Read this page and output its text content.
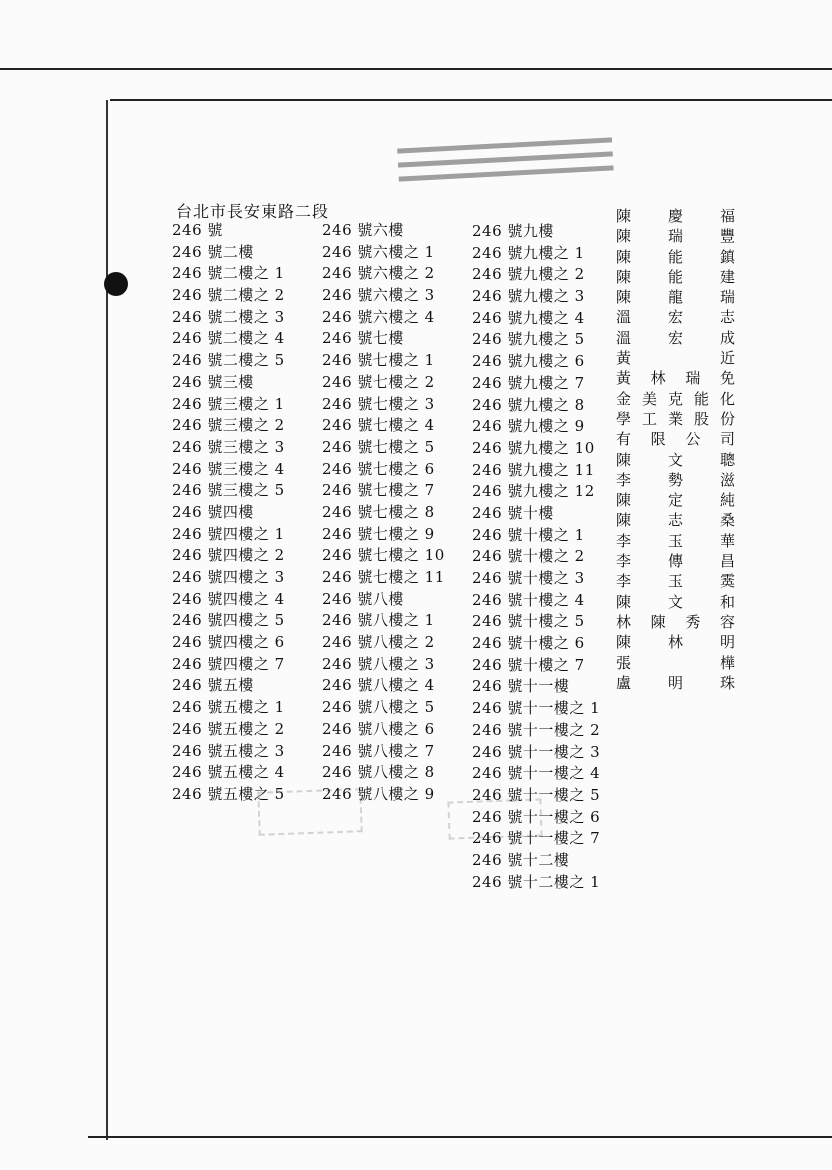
台北市長安東路二段
246 號
246 號二樓
246 號二樓之 1
246 號二樓之 2
246 號二樓之 3
246 號二樓之 4
246 號二樓之 5
246 號三樓
246 號三樓之 1
246 號三樓之 2
246 號三樓之 3
246 號三樓之 4
246 號三樓之 5
246 號四樓
246 號四樓之 1
246 號四樓之 2
246 號四樓之 3
246 號四樓之 4
246 號四樓之 5
246 號四樓之 6
246 號四樓之 7
246 號五樓
246 號五樓之 1
246 號五樓之 2
246 號五樓之 3
246 號五樓之 4
246 號五樓之 5
246 號六樓
246 號六樓之 1
246 號六樓之 2
246 號六樓之 3
246 號六樓之 4
246 號七樓
246 號七樓之 1
246 號七樓之 2
246 號七樓之 3
246 號七樓之 4
246 號七樓之 5
246 號七樓之 6
246 號七樓之 7
246 號七樓之 8
246 號七樓之 9
246 號七樓之 10
246 號七樓之 11
246 號八樓
246 號八樓之 1
246 號八樓之 2
246 號八樓之 3
246 號八樓之 4
246 號八樓之 5
246 號八樓之 6
246 號八樓之 7
246 號八樓之 8
246 號八樓之 9
246 號九樓
246 號九樓之 1
246 號九樓之 2
246 號九樓之 3
246 號九樓之 4
246 號九樓之 5
246 號九樓之 6
246 號九樓之 7
246 號九樓之 8
246 號九樓之 9
246 號九樓之 10
246 號九樓之 11
246 號九樓之 12
246 號十樓
246 號十樓之 1
246 號十樓之 2
246 號十樓之 3
246 號十樓之 4
246 號十樓之 5
246 號十樓之 6
246 號十樓之 7
246 號十一樓
246 號十一樓之 1
246 號十一樓之 2
246 號十一樓之 3
246 號十一樓之 4
246 號十一樓之 5
246 號十一樓之 6
246 號十一樓之 7
246 號十二樓
246 號十二樓之 1
陳慶福
陳瑞豐
陳能鎮
陳能建
陳龍瑞
溫宏志
溫宏成
黃近
黃林瑞免
金美克能化
學工業股份
有限公司
陳文聰
李勢滋
陳定純
陳志桑
李玉華
李傳昌
李玉霙
陳文和
林陳秀容
陳林明
張樺
盧明珠
